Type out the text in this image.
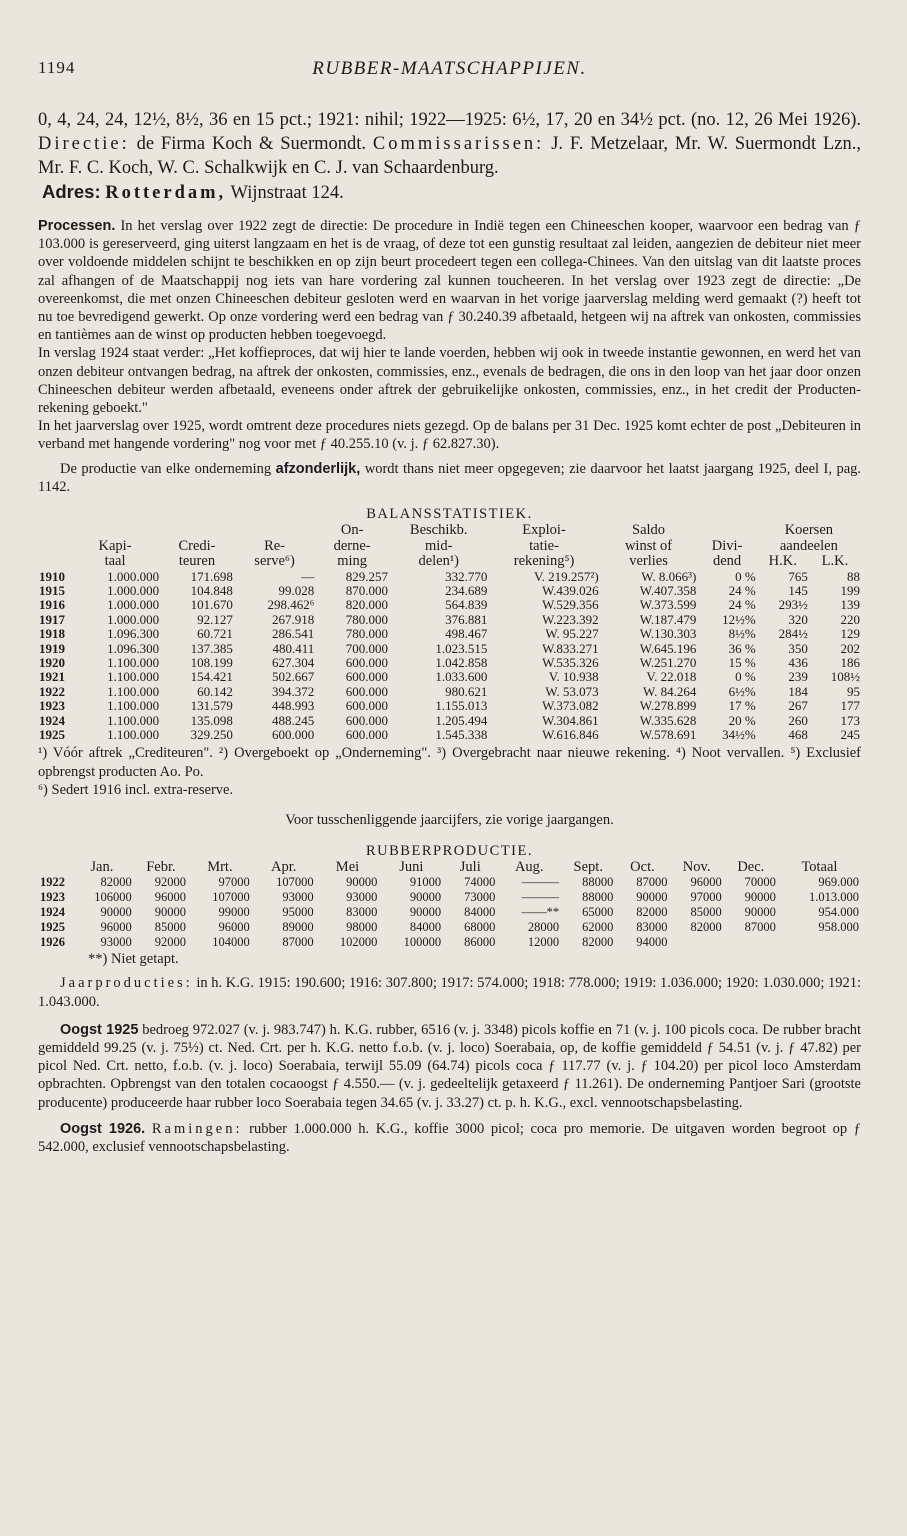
1194	RUBBER-MAATSCHAPPIJEN.

0, 4, 24, 24, 12½, 8½, 36 en 15 pct.; 1921: nihil; 1922—1925: 6½, 17, 20 en 34½ pct. (no. 12, 26 Mei 1926). Directie: de Firma Koch & Suermondt. Commissarissen: J. F. Metzelaar, Mr. W. Suermondt Lzn., Mr. F. C. Koch, W. C. Schalkwijk en C. J. van Schaardenburg.

Adres: Rotterdam, Wijnstraat 124.

Processen. In het verslag over 1922 zegt de directie: De procedure in Indië tegen een Chineeschen kooper, waarvoor een bedrag van ƒ 103.000 is gereserveerd, ging uiterst langzaam en het is de vraag, of deze tot een gunstig resultaat zal leiden, aangezien de debiteur niet meer over voldoende middelen schijnt te beschikken en op zijn beurt procedeert tegen een collega-Chinees. Van den uitslag van dit laatste proces zal afhangen of de Maatschappij nog iets van hare vordering zal kunnen toucheeren. In het verslag over 1923 zegt de directie: „De overeenkomst, die met onzen Chineeschen debiteur gesloten werd en waarvan in het vorige jaarverslag melding werd gemaakt (?) heeft tot nu toe bevredigend gewerkt. Op onze vordering werd een bedrag van ƒ 30.240.39 afbetaald, hetgeen wij na aftrek van onkosten, commissies en tantièmes aan de winst op producten hebben toegevoegd.

In verslag 1924 staat verder: „Het koffieproces, dat wij hier te lande voerden, hebben wij ook in tweede instantie gewonnen, en werd het van onzen debiteur ontvangen bedrag, na aftrek der onkosten, commissies, enz., evenals de bedragen, die ons in den loop van het jaar door onzen Chineeschen debiteur werden afbetaald, eveneens onder aftrek der gebruikelijke onkosten, commissies, enz., in het credit der Producten-rekening geboekt."

In het jaarverslag over 1925, wordt omtrent deze procedures niets gezegd. Op de balans per 31 Dec. 1925 komt echter de post „Debiteuren in verband met hangende vordering" nog voor met ƒ 40.255.10 (v. j. ƒ 62.827.30).

De productie van elke onderneming afzonderlijk, wordt thans niet meer opgegeven; zie daarvoor het laatst jaargang 1925, deel I, pag. 1142.

BALANSSTATISTIEK.
				On-	Beschikb.	Exploi-	Saldo		Koersen	
	Kapi-	Credi-	Re-	derne-	mid-	tatie-	winst of	Divi-	aandeelen	
	taal	teuren	serve⁶)	ming	delen¹)	rekening⁵)	verlies	dend	H.K.	L.K.
1910	1.000.000	171.698	—	829.257	332.770	V. 219.257²)	W. 8.066³)	0 %	765	88
1915	1.000.000	104.848	99.028	870.000	234.689	W.439.026	W.407.358	24 %	145	199
1916	1.000.000	101.670	298.462⁶	820.000	564.839	W.529.356	W.373.599	24 %	293½	139
1917	1.000.000	92.127	267.918	780.000	376.881	W.223.392	W.187.479	12½%	320	220
1918	1.096.300	60.721	286.541	780.000	498.467	W. 95.227	W.130.303	8½%	284½	129
1919	1.096.300	137.385	480.411	700.000	1.023.515	W.833.271	W.645.196	36 %	350	202
1920	1.100.000	108.199	627.304	600.000	1.042.858	W.535.326	W.251.270	15 %	436	186
1921	1.100.000	154.421	502.667	600.000	1.033.600	V. 10.938	V. 22.018	0 %	239	108½
1922	1.100.000	60.142	394.372	600.000	980.621	W. 53.073	W. 84.264	6½%	184	95
1923	1.100.000	131.579	448.993	600.000	1.155.013	W.373.082	W.278.899	17 %	267	177
1924	1.100.000	135.098	488.245	600.000	1.205.494	W.304.861	W.335.628	20 %	260	173
1925	1.100.000	329.250	600.000	600.000	1.545.338	W.616.846	W.578.691	34½%	468	245

¹) Vóór aftrek „Crediteuren". ²) Overgeboekt op „Onderneming". ³) Overgebracht naar nieuwe rekening. ⁴) Noot vervallen. ⁵) Exclusief opbrengst producten Ao. Po.

⁶) Sedert 1916 incl. extra-reserve.

Voor tusschenliggende jaarcijfers, zie vorige jaargangen.

RUBBERPRODUCTIE.
	Jan.	Febr.	Mrt.	Apr.	Mei	Juni	Juli	Aug.	Sept.	Oct.	Nov.	Dec.	Totaal
1922	82000	92000	97000	107000	90000	91000	74000	———	88000	87000	96000	70000	969.000
1923	106000	96000	107000	93000	93000	90000	73000	———	88000	90000	97000	90000	1.013.000
1924	90000	90000	99000	95000	83000	90000	84000	——**	65000	82000	85000	90000	954.000
1925	96000	85000	96000	89000	98000	84000	68000	28000	62000	83000	82000	87000	958.000
1926	93000	92000	104000	87000	102000	100000	86000	12000	82000	94000			

**) Niet getapt.

Jaarproducties: in h. K.G. 1915: 190.600; 1916: 307.800; 1917: 574.000; 1918: 778.000; 1919: 1.036.000; 1920: 1.030.000; 1921: 1.043.000.

Oogst 1925 bedroeg 972.027 (v. j. 983.747) h. K.G. rubber, 6516 (v. j. 3348) picols koffie en 71 (v. j. 100 picols coca. De rubber bracht gemiddeld 99.25 (v. j. 75½) ct. Ned. Crt. per h. K.G. netto f.o.b. (v. j. loco) Soerabaia, op, de koffie gemiddeld ƒ 54.51 (v. j. ƒ 47.82) per picol Ned. Crt. netto, f.o.b. (v. j. loco) Soerabaia, terwijl 55.09 (64.74) picols coca ƒ 117.77 (v. j. ƒ 104.20) per picol loco Amsterdam opbrachten. Opbrengst van den totalen cocaoogst ƒ 4.550.— (v. j. gedeeltelijk getaxeerd ƒ 11.261). De onderneming Pantjoer Sari (grootste producente) produceerde haar rubber loco Soerabaia tegen 34.65 (v. j. 33.27) ct. p. h. K.G., excl. vennootschapsbelasting.

Oogst 1926. Ramingen: rubber 1.000.000 h. K.G., koffie 3000 picol; coca pro memorie. De uitgaven worden begroot op ƒ 542.000, exclusief vennootschapsbelasting.
